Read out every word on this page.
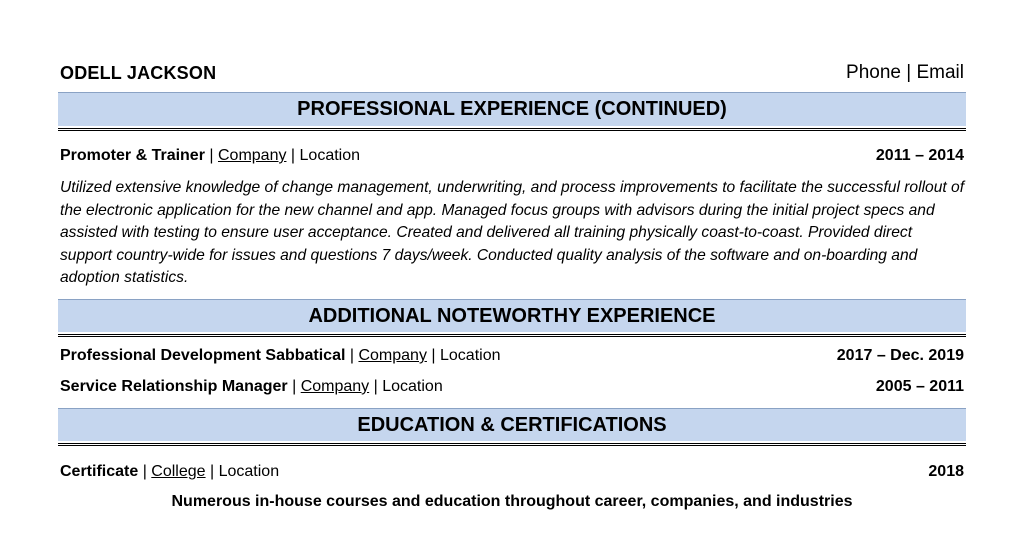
ODELL JACKSON	Phone | Email
PROFESSIONAL EXPERIENCE (CONTINUED)
Promoter & Trainer | Company | Location	2011 – 2014
Utilized extensive knowledge of change management, underwriting, and process improvements to facilitate the successful rollout of the electronic application for the new channel and app. Managed focus groups with advisors during the initial project specs and assisted with testing to ensure user acceptance. Created and delivered all training physically coast-to-coast. Provided direct support country-wide for issues and questions 7 days/week. Conducted quality analysis of the software and on-boarding and adoption statistics.
ADDITIONAL NOTEWORTHY EXPERIENCE
Professional Development Sabbatical | Company | Location	2017 – Dec. 2019
Service Relationship Manager | Company | Location	2005 – 2011
EDUCATION & CERTIFICATIONS
Certificate | College | Location	2018
Numerous in-house courses and education throughout career, companies, and industries
